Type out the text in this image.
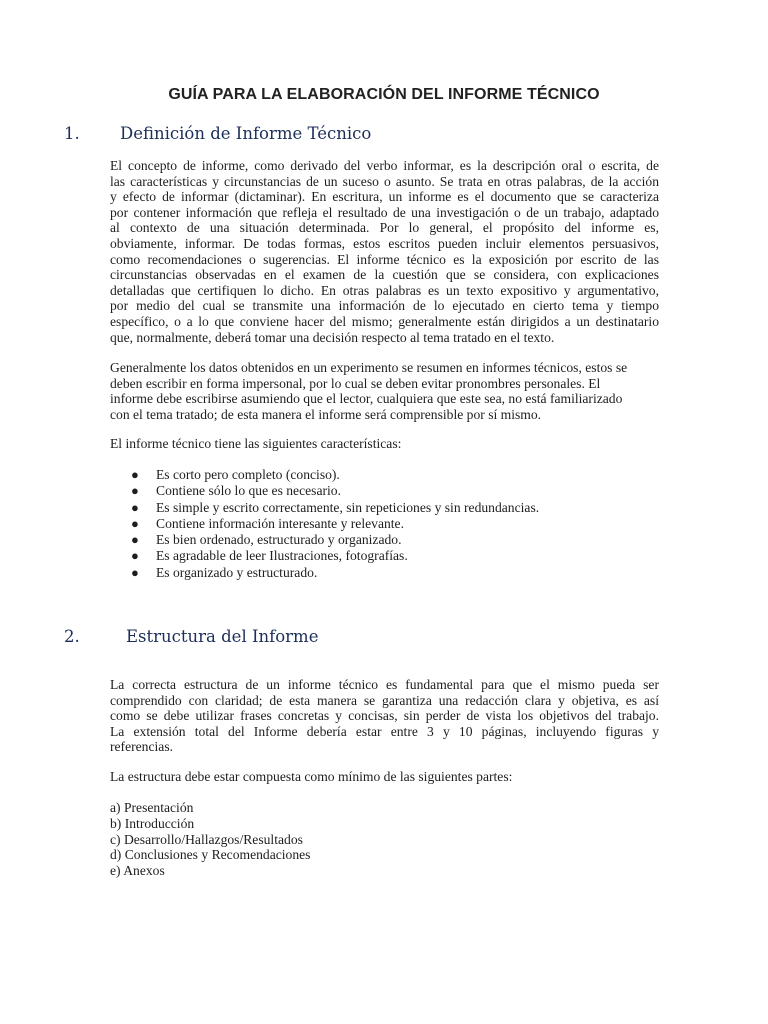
GUÍA PARA LA ELABORACIÓN DEL INFORME TÉCNICO
1. Definición de Informe Técnico
El concepto de informe, como derivado del verbo informar, es la descripción oral o escrita, de
las características y circunstancias de un suceso o asunto. Se trata en otras palabras, de la acción
y efecto de informar (dictaminar). En escritura, un informe es el documento que se caracteriza
por contener información que refleja el resultado de una investigación o de un trabajo, adaptado
al contexto de una situación determinada. Por lo general, el propósito del informe es,
obviamente, informar. De todas formas, estos escritos pueden incluir elementos persuasivos,
como recomendaciones o sugerencias. El informe técnico es la exposición por escrito de las
circunstancias observadas en el examen de la cuestión que se considera, con explicaciones
detalladas que certifiquen lo dicho. En otras palabras es un texto expositivo y argumentativo,
por medio del cual se transmite una información de lo ejecutado en cierto tema y tiempo
específico, o a lo que conviene hacer del mismo; generalmente están dirigidos a un destinatario
que, normalmente, deberá tomar una decisión respecto al tema tratado en el texto.
Generalmente los datos obtenidos en un experimento se resumen en informes técnicos, estos se
deben escribir en forma impersonal, por lo cual se deben evitar pronombres personales. El
informe debe escribirse asumiendo que el lector, cualquiera que este sea, no está familiarizado
con el tema tratado; de esta manera el informe será comprensible por sí mismo.

El informe técnico tiene las siguientes características:

● Es corto pero completo (conciso).
● Contiene sólo lo que es necesario.
● Es simple y escrito correctamente, sin repeticiones y sin redundancias.
● Contiene información interesante y relevante.
● Es bien ordenado, estructurado y organizado.
● Es agradable de leer Ilustraciones, fotografías.
● Es organizado y estructurado.
2.	Estructura del Informe
La correcta estructura de un informe técnico es fundamental para que el mismo pueda ser
comprendido con claridad; de esta manera se garantiza una redacción clara y objetiva, es así
como se debe utilizar frases concretas y concisas, sin perder de vista los objetivos del trabajo.
La extensión total del Informe debería estar entre 3 y 10 páginas, incluyendo figuras y
referencias.

La estructura debe estar compuesta como mínimo de las siguientes partes:

a) Presentación
b) Introducción
c) Desarrollo/Hallazgos/Resultados
d) Conclusiones y Recomendaciones
e) Anexos
